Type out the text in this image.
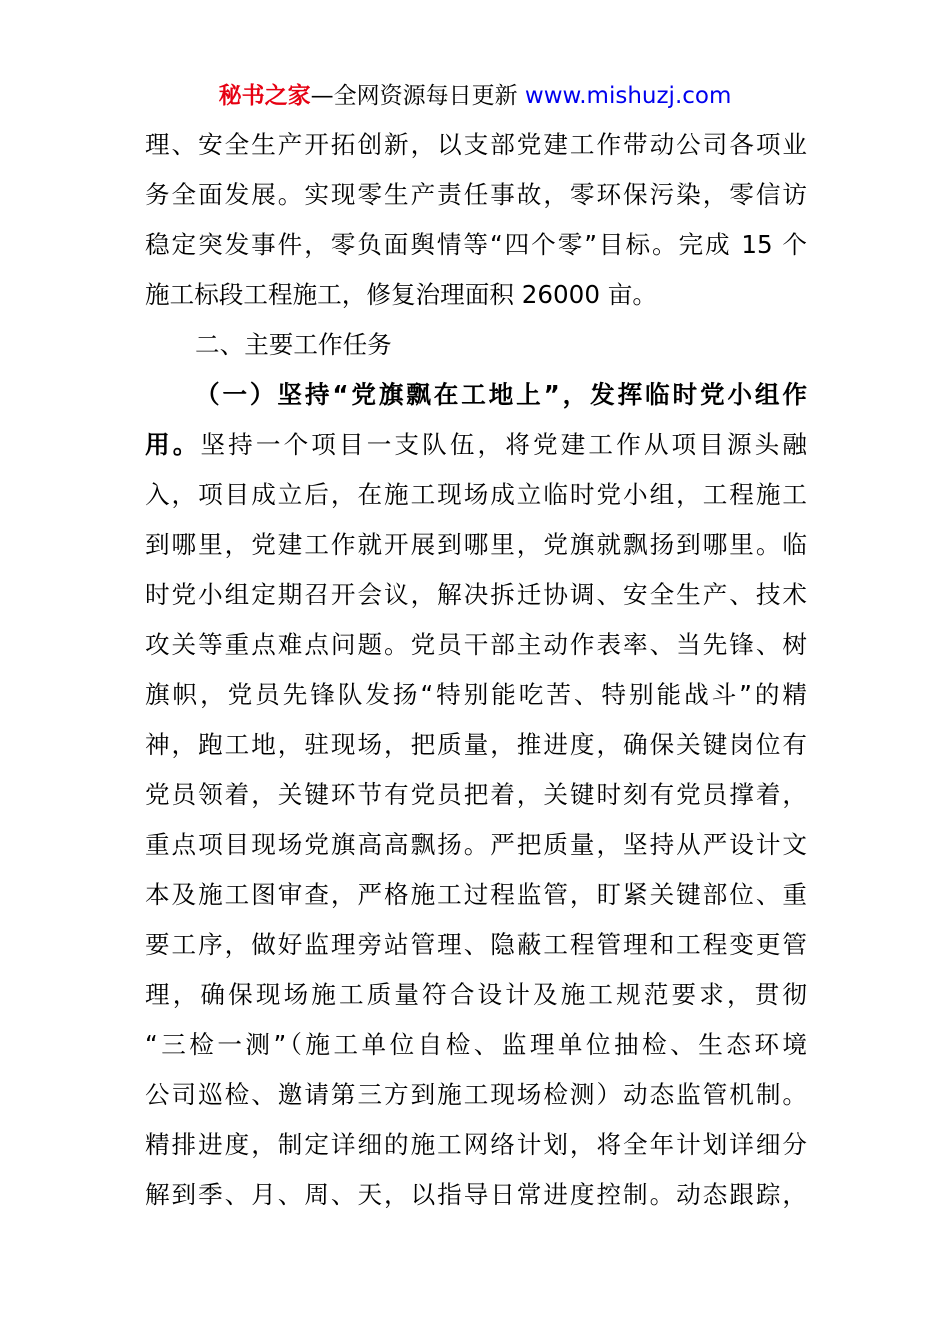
秘书之家—全网资源每日更新 www.mishuzj.com
理、安全生产开拓创新，以支部党建工作带动公司各项业
务全面发展。实现零生产责任事故，零环保污染，零信访
稳定突发事件，零负面舆情等“四个零”目标。完成 15 个
施工标段工程施工，修复治理面积 26000 亩。
二、主要工作任务
（一）坚持“党旗飘在工地上”，发挥临时党小组作
用。坚持一个项目一支队伍，将党建工作从项目源头融
入，项目成立后，在施工现场成立临时党小组，工程施工
到哪里，党建工作就开展到哪里，党旗就飘扬到哪里。临
时党小组定期召开会议，解决拆迁协调、安全生产、技术
攻关等重点难点问题。党员干部主动作表率、当先锋、树
旗帜，党员先锋队发扬“特别能吃苦、特别能战斗”的精
神，跑工地，驻现场，把质量，推进度，确保关键岗位有
党员领着，关键环节有党员把着，关键时刻有党员撑着，
重点项目现场党旗高高飘扬。严把质量，坚持从严设计文
本及施工图审查，严格施工过程监管，盯紧关键部位、重
要工序，做好监理旁站管理、隐蔽工程管理和工程变更管
理，确保现场施工质量符合设计及施工规范要求，贯彻
“三检一测”（施工单位自检、监理单位抽检、生态环境
公司巡检、邀请第三方到施工现场检测）动态监管机制。
精排进度，制定详细的施工网络计划，将全年计划详细分
解到季、月、周、天，以指导日常进度控制。动态跟踪，
